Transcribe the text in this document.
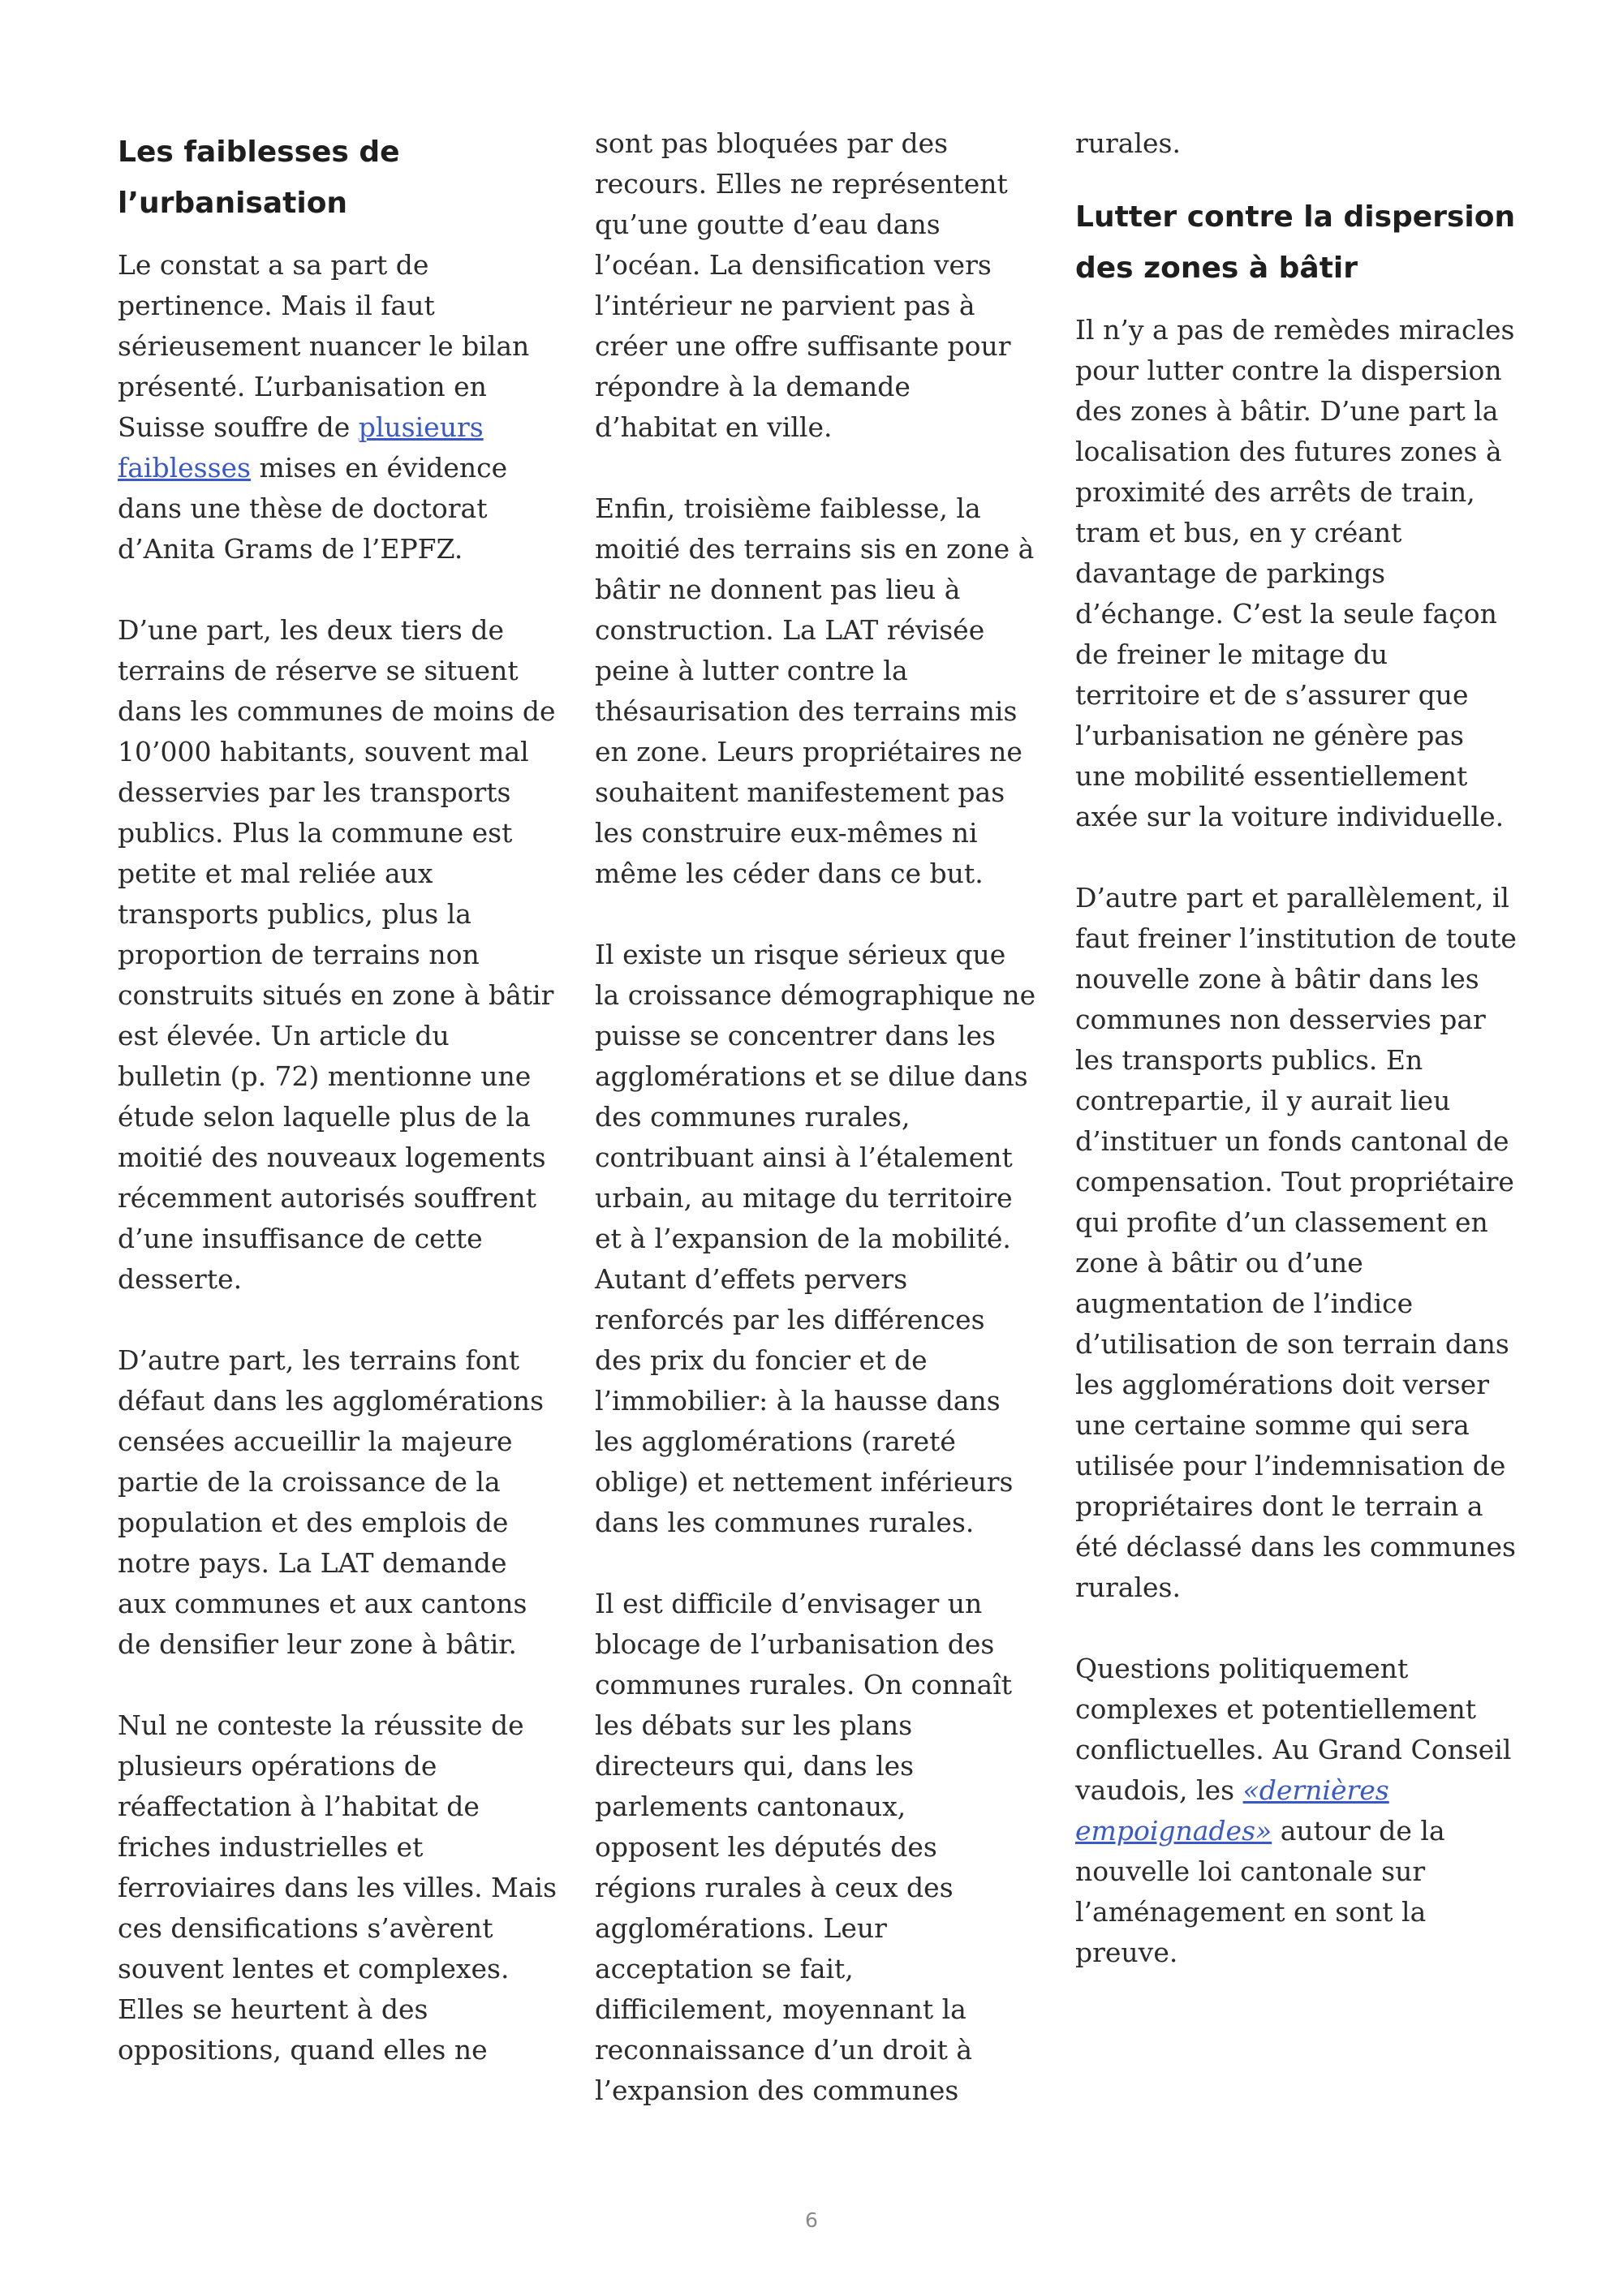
Les faiblesses de l’urbanisation

Le constat a sa part de pertinence. Mais il faut sérieusement nuancer le bilan présenté. L’urbanisation en Suisse souffre de plusieurs faiblesses mises en évidence dans une thèse de doctorat d’Anita Grams de l’EPFZ.

D’une part, les deux tiers de terrains de réserve se situent dans les communes de moins de 10’000 habitants, souvent mal desservies par les transports publics. Plus la commune est petite et mal reliée aux transports publics, plus la proportion de terrains non construits situés en zone à bâtir est élevée. Un article du bulletin (p. 72) mentionne une étude selon laquelle plus de la moitié des nouveaux logements récemment autorisés souffrent d’une insuffisance de cette desserte.

D’autre part, les terrains font défaut dans les agglomérations censées accueillir la majeure partie de la croissance de la population et des emplois de notre pays. La LAT demande aux communes et aux cantons de densifier leur zone à bâtir.

Nul ne conteste la réussite de plusieurs opérations de réaffectation à l’habitat de friches industrielles et ferroviaires dans les villes. Mais ces densifications s’avèrent souvent lentes et complexes. Elles se heurtent à des oppositions, quand elles ne

sont pas bloquées par des recours. Elles ne représentent qu’une goutte d’eau dans l’océan. La densification vers l’intérieur ne parvient pas à créer une offre suffisante pour répondre à la demande d’habitat en ville.

Enfin, troisième faiblesse, la moitié des terrains sis en zone à bâtir ne donnent pas lieu à construction. La LAT révisée peine à lutter contre la thésaurisation des terrains mis en zone. Leurs propriétaires ne souhaitent manifestement pas les construire eux-mêmes ni même les céder dans ce but.

Il existe un risque sérieux que la croissance démographique ne puisse se concentrer dans les agglomérations et se dilue dans des communes rurales, contribuant ainsi à l’étalement urbain, au mitage du territoire et à l’expansion de la mobilité. Autant d’effets pervers renforcés par les différences des prix du foncier et de l’immobilier: à la hausse dans les agglomérations (rareté oblige) et nettement inférieurs dans les communes rurales.

Il est difficile d’envisager un blocage de l’urbanisation des communes rurales. On connaît les débats sur les plans directeurs qui, dans les parlements cantonaux, opposent les députés des régions rurales à ceux des agglomérations. Leur acceptation se fait, difficilement, moyennant la reconnaissance d’un droit à l’expansion des communes

rurales.

Lutter contre la dispersion des zones à bâtir

Il n’y a pas de remèdes miracles pour lutter contre la dispersion des zones à bâtir. D’une part la localisation des futures zones à proximité des arrêts de train, tram et bus, en y créant davantage de parkings d’échange. C’est la seule façon de freiner le mitage du territoire et de s’assurer que l’urbanisation ne génère pas une mobilité essentiellement axée sur la voiture individuelle.

D’autre part et parallèlement, il faut freiner l’institution de toute nouvelle zone à bâtir dans les communes non desservies par les transports publics. En contrepartie, il y aurait lieu d’instituer un fonds cantonal de compensation. Tout propriétaire qui profite d’un classement en zone à bâtir ou d’une augmentation de l’indice d’utilisation de son terrain dans les agglomérations doit verser une certaine somme qui sera utilisée pour l’indemnisation de propriétaires dont le terrain a été déclassé dans les communes rurales.

Questions politiquement complexes et potentiellement conflictuelles. Au Grand Conseil vaudois, les «dernières empoignades» autour de la nouvelle loi cantonale sur l’aménagement en sont la preuve.

6
